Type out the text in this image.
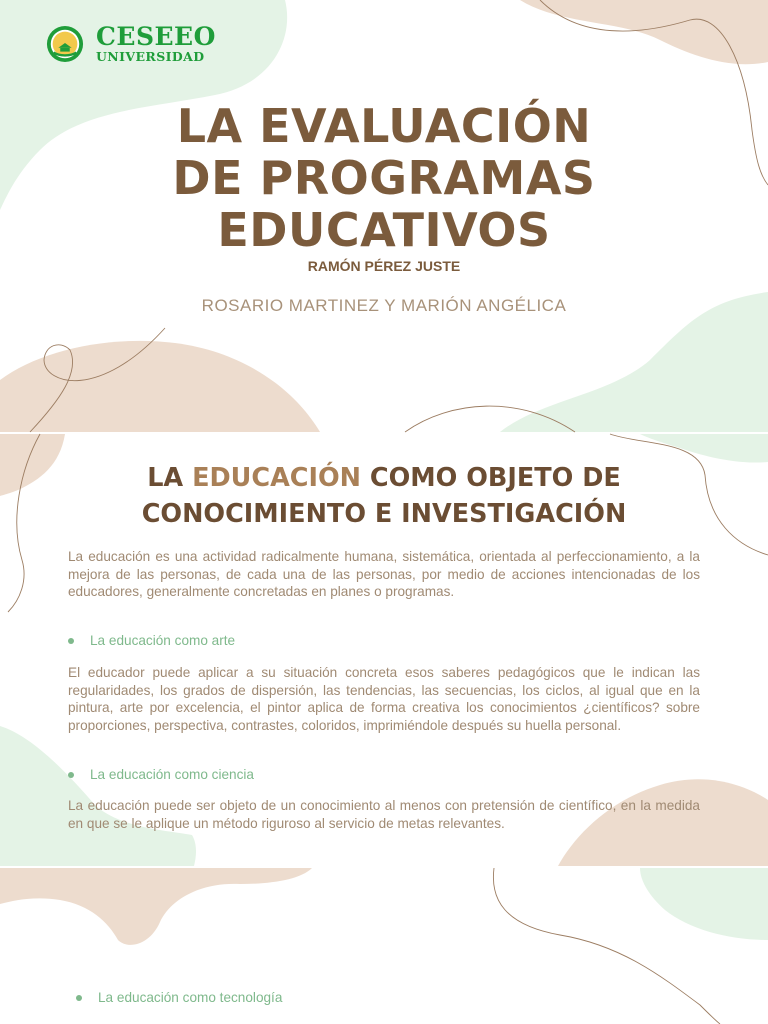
CESEEO
UNIVERSIDAD
LA EVALUACIÓN
DE PROGRAMAS
EDUCATIVOS
RAMÓN PÉREZ JUSTE
ROSARIO MARTINEZ Y MARIÓN ANGÉLICA
LA EDUCACIÓN COMO OBJETO DE
CONOCIMIENTO E INVESTIGACIÓN

La educación es una actividad radicalmente humana, sistemática, orientada al perfeccionamiento, a la mejora de las personas, de cada una de las personas, por medio de acciones intencionadas de los educadores, generalmente concretadas en planes o programas.

La educación como arte

El educador puede aplicar a su situación concreta esos saberes pedagógicos que le indican las regularidades, los grados de dispersión, las tendencias, las secuencias, los ciclos, al igual que en la pintura, arte por excelencia, el pintor aplica de forma creativa los conocimientos ¿científicos? sobre proporciones, perspectiva, contrastes, coloridos, imprimiéndole después su huella personal.

La educación como ciencia

La educación puede ser objeto de un conocimiento al menos con pretensión de científico, en la medida en que se le aplique un método riguroso al servicio de metas relevantes.

La educación como tecnología
